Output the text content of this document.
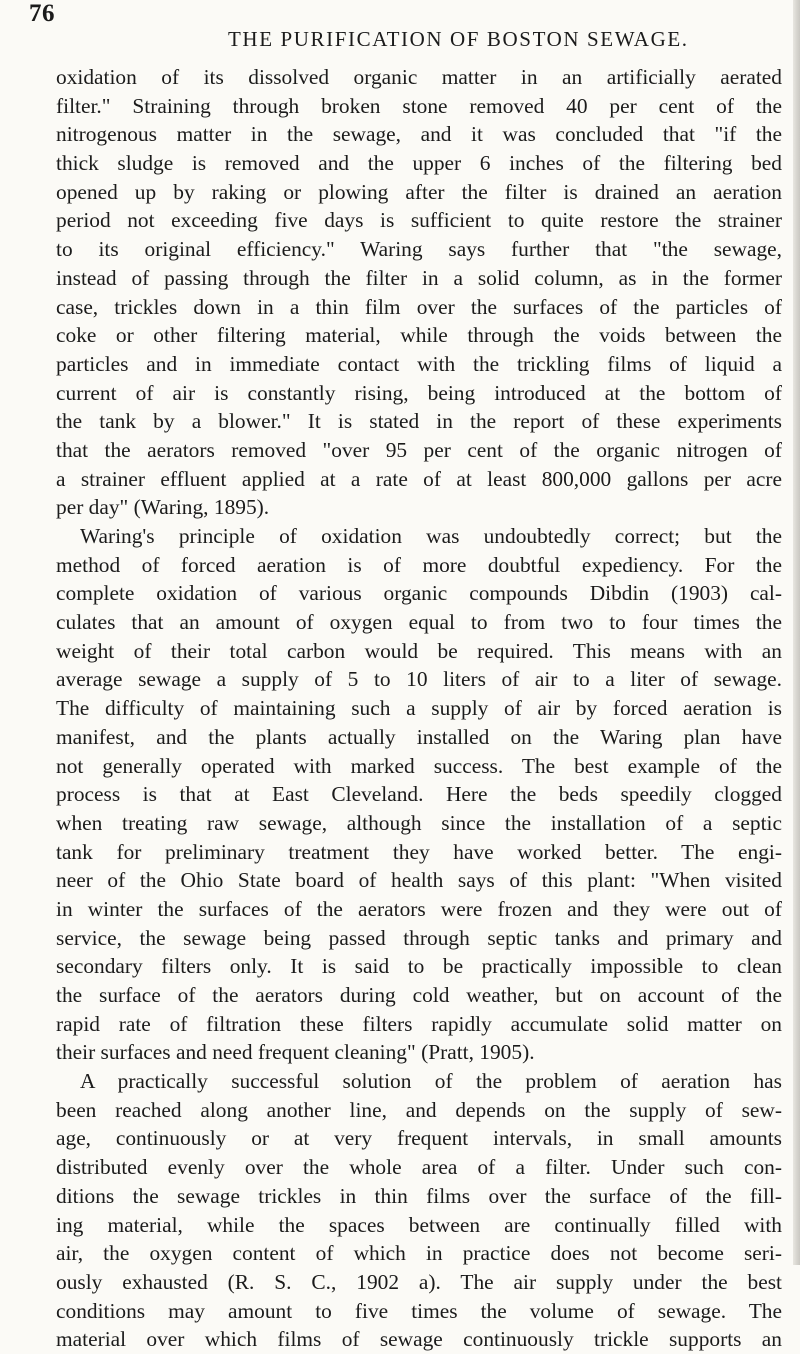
76
THE PURIFICATION OF BOSTON SEWAGE.
oxidation of its dissolved organic matter in an artificially aerated
filter." Straining through broken stone removed 40 per cent of the
nitrogenous matter in the sewage, and it was concluded that "if the
thick sludge is removed and the upper 6 inches of the filtering bed
opened up by raking or plowing after the filter is drained an aeration
period not exceeding five days is sufficient to quite restore the strainer
to its original efficiency." Waring says further that "the sewage,
instead of passing through the filter in a solid column, as in the former
case, trickles down in a thin film over the surfaces of the particles of
coke or other filtering material, while through the voids between the
particles and in immediate contact with the trickling films of liquid a
current of air is constantly rising, being introduced at the bottom of
the tank by a blower." It is stated in the report of these experiments
that the aerators removed "over 95 per cent of the organic nitrogen of
a strainer effluent applied at a rate of at least 800,000 gallons per acre
per day" (Waring, 1895).
Waring's principle of oxidation was undoubtedly correct; but the
method of forced aeration is of more doubtful expediency. For the
complete oxidation of various organic compounds Dibdin (1903) cal-
culates that an amount of oxygen equal to from two to four times the
weight of their total carbon would be required. This means with an
average sewage a supply of 5 to 10 liters of air to a liter of sewage.
The difficulty of maintaining such a supply of air by forced aeration is
manifest, and the plants actually installed on the Waring plan have
not generally operated with marked success. The best example of the
process is that at East Cleveland. Here the beds speedily clogged
when treating raw sewage, although since the installation of a septic
tank for preliminary treatment they have worked better. The engi-
neer of the Ohio State board of health says of this plant: "When visited
in winter the surfaces of the aerators were frozen and they were out of
service, the sewage being passed through septic tanks and primary and
secondary filters only. It is said to be practically impossible to clean
the surface of the aerators during cold weather, but on account of the
rapid rate of filtration these filters rapidly accumulate solid matter on
their surfaces and need frequent cleaning" (Pratt, 1905).
A practically successful solution of the problem of aeration has
been reached along another line, and depends on the supply of sew-
age, continuously or at very frequent intervals, in small amounts
distributed evenly over the whole area of a filter. Under such con-
ditions the sewage trickles in thin films over the surface of the fill-
ing material, while the spaces between are continually filled with
air, the oxygen content of which in practice does not become seri-
ously exhausted (R. S. C., 1902 a). The air supply under the best
conditions may amount to five times the volume of sewage. The
material over which films of sewage continuously trickle supports an
